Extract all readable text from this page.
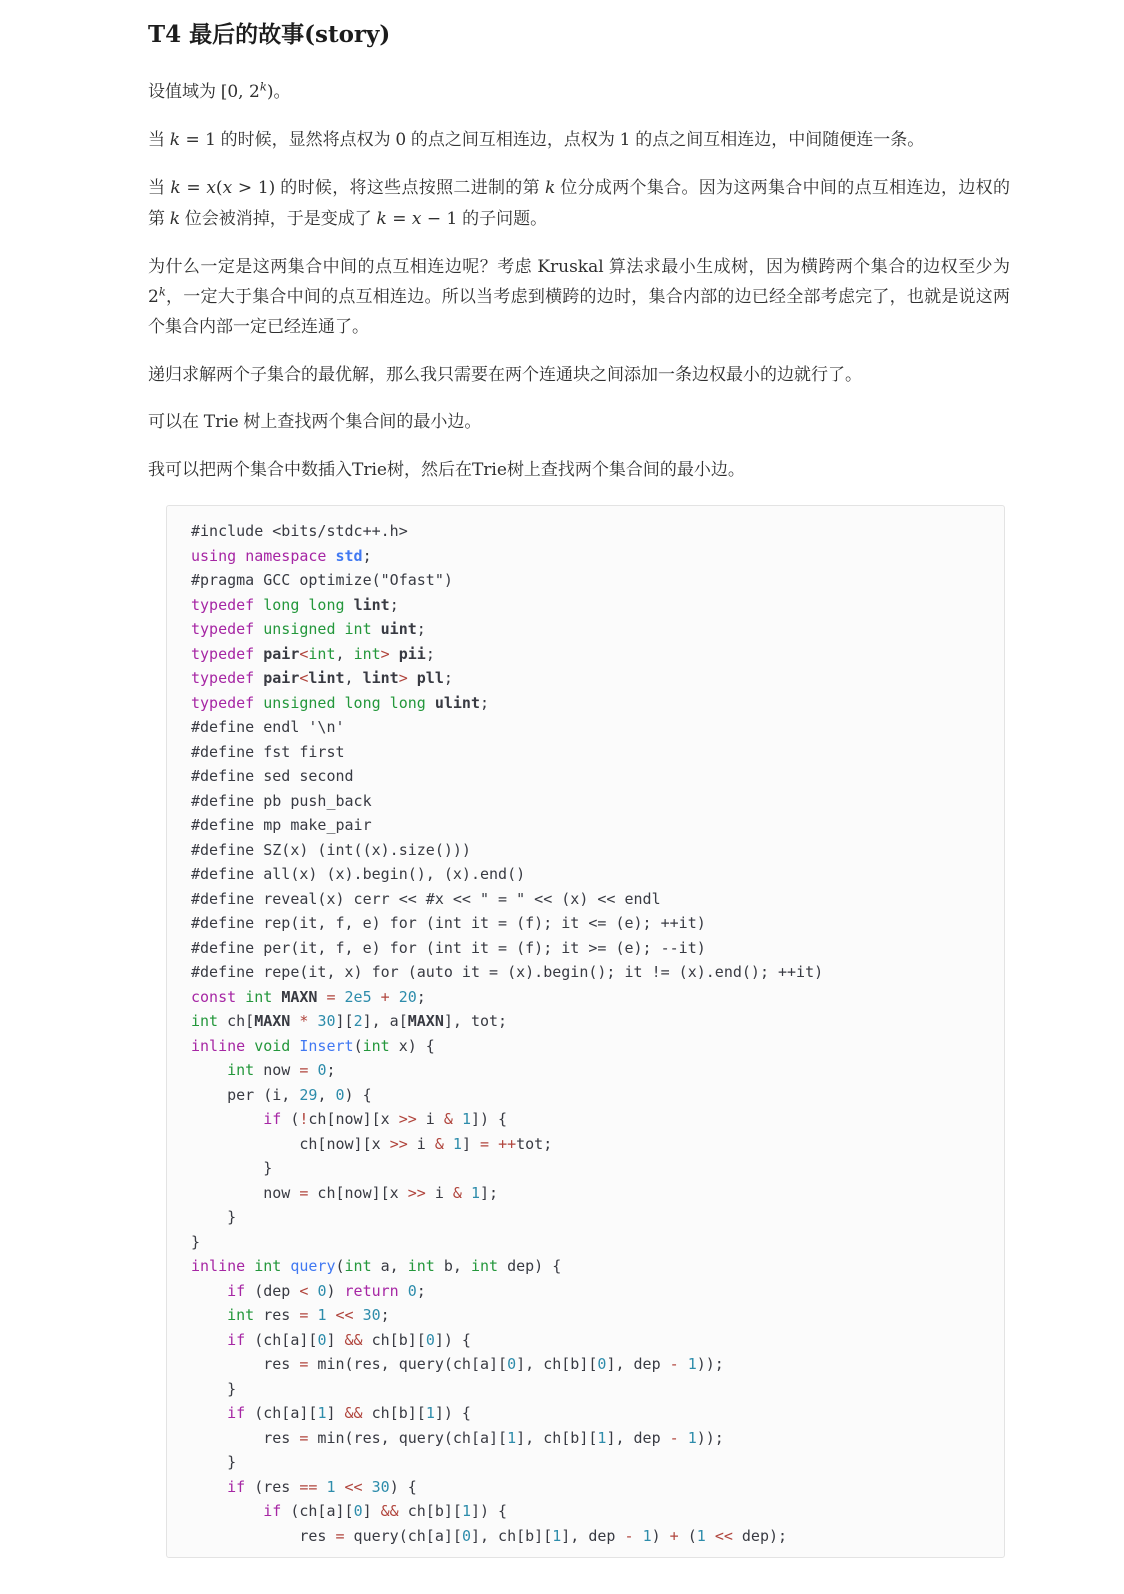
T4 最后的故事(story)

设值域为 [0, 2$^k$)。

当 k = 1 的时候，显然将点权为 0 的点之间互相连边，点权为 1 的点之间互相连边，中间随便连一条。

当 k = x(x > 1) 的时候，将这些点按照二进制的第 k 位分成两个集合。因为这两集合中间的点互相连边，边权的第 k 位会被消掉，于是变成了 k = x − 1 的子问题。

为什么一定是这两集合中间的点互相连边呢？考虑 Kruskal 算法求最小生成树，因为横跨两个集合的边权至少为 2$^k$，一定大于集合中间的点互相连边。所以当考虑到横跨的边时，集合内部的边已经全部考虑完了，也就是说这两个集合内部一定已经连通了。

递归求解两个子集合的最优解，那么我只需要在两个连通块之间添加一条边权最小的边就行了。

可以在 Trie 树上查找两个集合间的最小边。

我可以把两个集合中数插入Trie树，然后在Trie树上查找两个集合间的最小边。

#include <bits/stdc++.h>
using namespace std;
#pragma GCC optimize("Ofast")
typedef long long lint;
typedef unsigned int uint;
typedef pair<int, int> pii;
typedef pair<lint, lint> pll;
typedef unsigned long long ulint;
#define endl '\n'
#define fst first
#define sed second
#define pb push_back
#define mp make_pair
#define SZ(x) (int((x).size()))
#define all(x) (x).begin(), (x).end()
#define reveal(x) cerr << #x << " = " << (x) << endl
#define rep(it, f, e) for (int it = (f); it <= (e); ++it)
#define per(it, f, e) for (int it = (f); it >= (e); --it)
#define repe(it, x) for (auto it = (x).begin(); it != (x).end(); ++it)
const int MAXN = 2e5 + 20;
int ch[MAXN * 30][2], a[MAXN], tot;
inline void Insert(int x) {
int now = 0;
per (i, 29, 0) {
if (!ch[now][x >> i & 1]) {
ch[now][x >> i & 1] = ++tot;
}
now = ch[now][x >> i & 1];
}
}
inline int query(int a, int b, int dep) {
if (dep < 0) return 0;
int res = 1 << 30;
if (ch[a][0] && ch[b][0]) {
res = min(res, query(ch[a][0], ch[b][0], dep - 1));
}
if (ch[a][1] && ch[b][1]) {
res = min(res, query(ch[a][1], ch[b][1], dep - 1));
}
if (res == 1 << 30) {
if (ch[a][0] && ch[b][1]) {
res = query(ch[a][0], ch[b][1], dep - 1) + (1 << dep);
